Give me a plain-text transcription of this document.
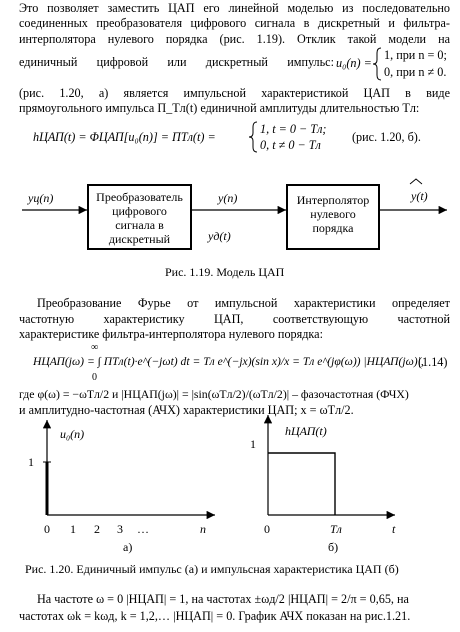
Это позволяет заместить ЦАП его линейной моделью из последовательно
соединенных преобразователя цифрового сигнала в дискретный и фильтра-
интерполятора нулевого порядка (рис. 1.19). Отклик такой модели на
единичный цифровой или дискретный импульс: u₀(n) =
1, при n = 0;
0, при n ≠ 0.
(рис. 1.20, а) является импульсной характеристикой ЦАП в виде
прямоугольного импульса Π_Tл(t) единичной амплитуды длительностью Tл:
hЦАП(t) = ΦЦАП[u₀(n)] = ΠTл(t) =
1, t = 0 − Tл;
0, t ≠ 0 − Tл
(рис. 1.20, б).
yц(n)	Преобразователь
цифрового
сигнала в
дискретный
y(n)
yд(t)
Интерполятор
нулевого
порядка
y(t)
Рис. 1.19. Модель ЦАП
Преобразование Фурье от импульсной характеристики определяет
частотную характеристику ЦАП, соответствующую частотной
характеристике фильтра-интерполятора нулевого порядка:
∞
HЦАП(jω) = ∫ ΠTл(t)·e^(−jωt) dt = Tл e^(−jx)(sin x)/x = Tл e^(jφ(ω)) |HЦАП(jω)|,
0
(1.14)
где φ(ω) = −ωTл/2 и |HЦАП(jω)| = |sin(ωTл/2)/(ωTл/2)| – фазочастотная (ФЧХ)
и амплитудно-частотная (АЧХ) характеристики ЦАП; x = ωTл/2.
u₀(n)
1
0 1 2 3 …	n
а)
hЦАП(t)
1
0	Tл	t
б)
Рис. 1.20. Единичный импульс (а) и импульсная характеристика ЦАП (б)
На частоте ω = 0 |HЦАП| = 1, на частотах ±ωд/2 |HЦАП| = 2/π = 0,65, на
частотах ωk = kωд, k = 1,2,… |HЦАП| = 0. График АЧХ показан на рис.1.21.
